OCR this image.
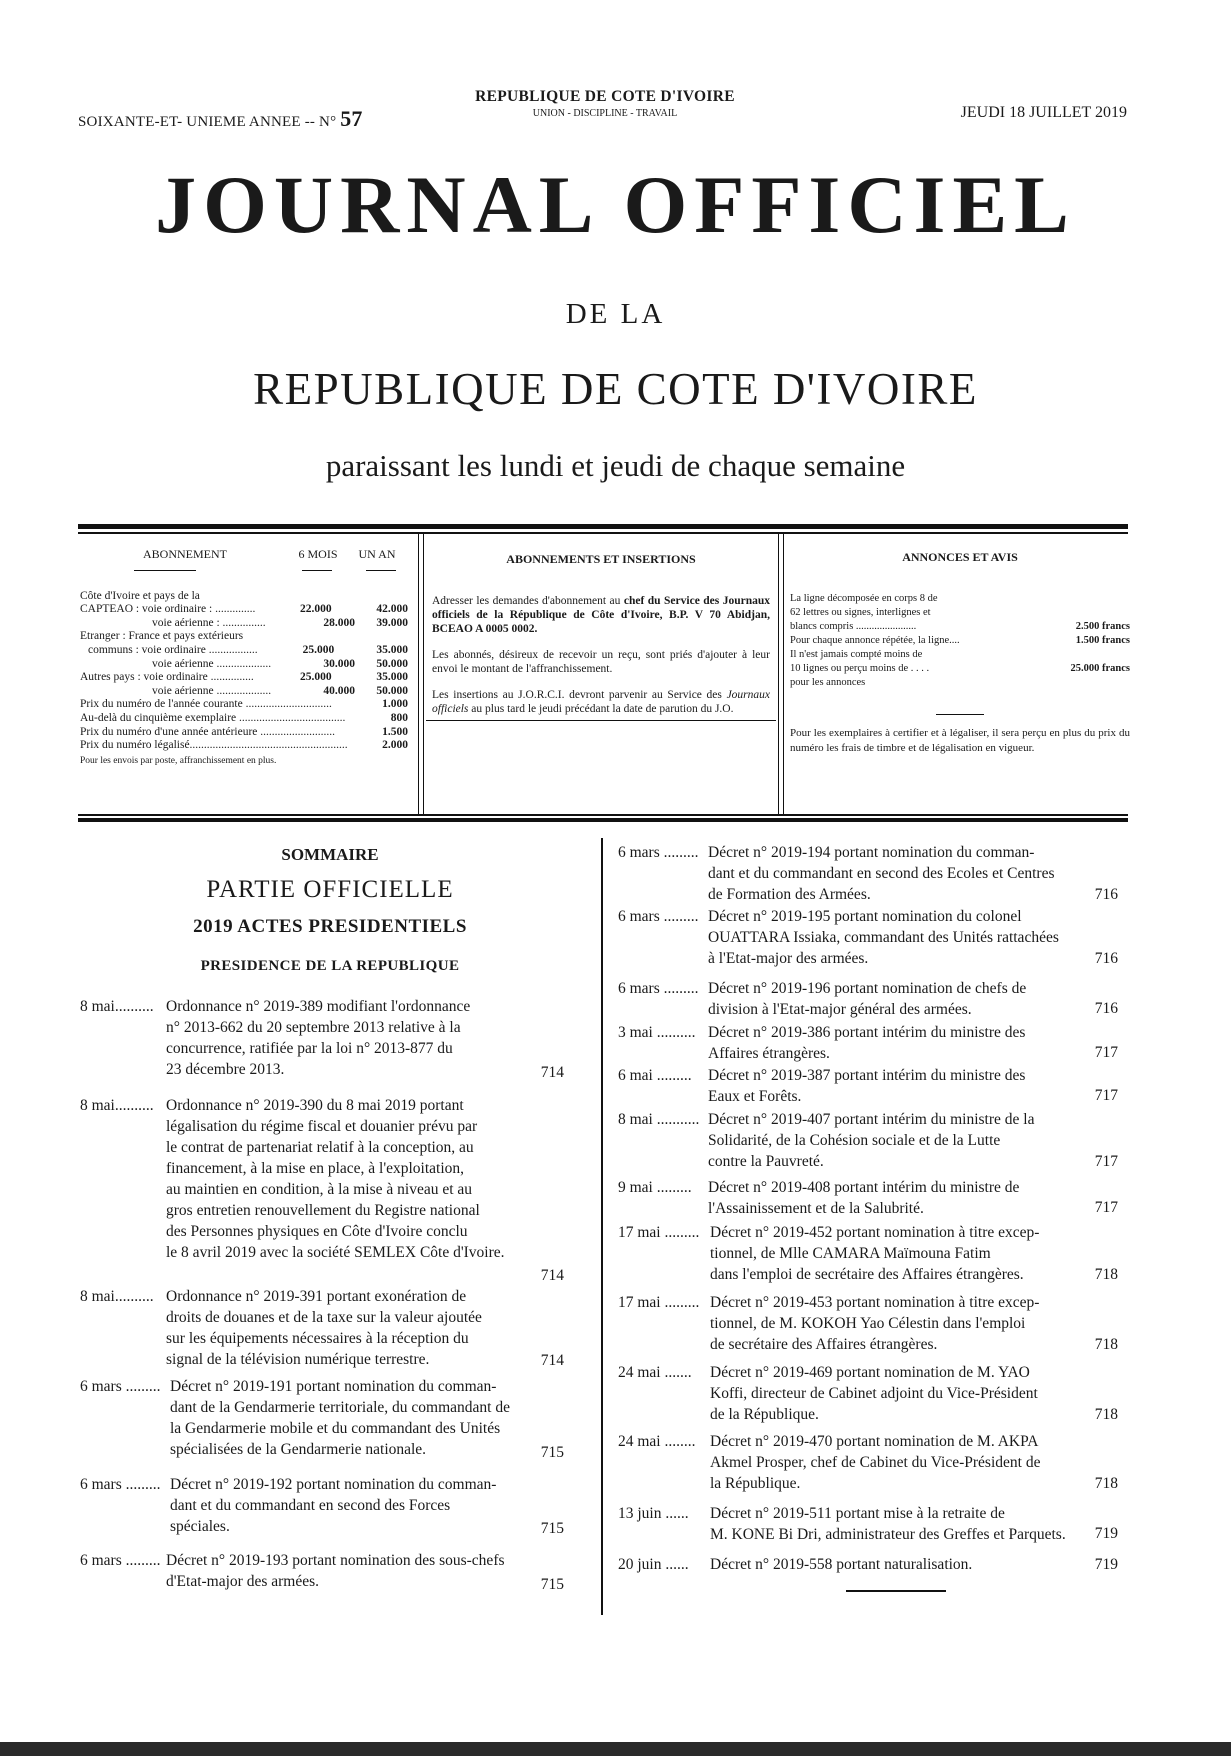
SOIXANTE-ET- UNIEME ANNEE -- N° 57
REPUBLIQUE DE COTE D'IVOIRE
UNION - DISCIPLINE - TRAVAIL	JEUDI 18 JUILLET 2019
JOURNAL OFFICIEL
DE LA
REPUBLIQUE DE COTE D'IVOIRE
paraissant les lundi et jeudi de chaque semaine
ABONNEMENT	6 MOIS	UN AN
Côte d'Ivoire et pays de la
CAPTEAO : voie ordinaire : ..............	22.000	42.000
voie aérienne : ...............	28.000	39.000
Etranger : France et pays extérieurs
communs : voie ordinaire .................	25.000	35.000
voie aérienne ...................	30.000	50.000
Autres pays : voie ordinaire ...............	25.000	35.000
voie aérienne ...................	40.000	50.000
Prix du numéro de l'année courante ..............................	1.000
Au-delà du cinquième exemplaire .....................................	800
Prix du numéro d'une année antérieure ..........................	1.500
Prix du numéro légalisé.......................................................	2.000
Pour les envois par poste, affranchissement en plus.
ABONNEMENTS ET INSERTIONS

Adresser les demandes d'abonnement au chef du Service des Journaux officiels de la République de Côte d'Ivoire, B.P. V 70 Abidjan, BCEAO A 0005 0002.

Les abonnés, désireux de recevoir un reçu, sont priés d'ajouter à leur envoi le montant de l'affranchissement.

Les insertions au J.O.R.C.I. devront parvenir au Service des Journaux officiels au plus tard le jeudi précédant la date de parution du J.O.

ANNONCES ET AVIS
La ligne décomposée en corps 8 de
62 lettres ou signes, interlignes et
blancs compris .......................	2.500 francs
Pour chaque annonce répétée, la ligne....	1.500 francs
Il n'est jamais compté moins de
10 lignes ou perçu moins de . . . .	25.000 francs
pour les annonces
Pour les exemplaires à certifier et à légaliser, il sera perçu en plus du prix du numéro les frais de timbre et de légalisation en vigueur.
SOMMAIRE
PARTIE OFFICIELLE
2019 ACTES PRESIDENTIELS
PRESIDENCE DE LA REPUBLIQUE
8 mai.......... Ordonnance n° 2019-389 modifiant l'ordonnance
n° 2013-662 du 20 septembre 2013 relative à la
concurrence, ratifiée par la loi n° 2013-877 du
23 décembre 2013.	714
8 mai.......... Ordonnance n° 2019-390 du 8 mai 2019 portant
légalisation du régime fiscal et douanier prévu par
le contrat de partenariat relatif à la conception, au
financement, à la mise en place, à l'exploitation,
au maintien en condition, à la mise à niveau et au
gros entretien renouvellement du Registre national
des Personnes physiques en Côte d'Ivoire conclu
le 8 avril 2019 avec la société SEMLEX Côte d'Ivoire.
714
8 mai.......... Ordonnance n° 2019-391 portant exonération de
droits de douanes et de la taxe sur la valeur ajoutée
sur les équipements nécessaires à la réception du
signal de la télévision numérique terrestre.	714
6 mars ......... Décret n° 2019-191 portant nomination du comman-
dant de la Gendarmerie territoriale, du commandant de
la Gendarmerie mobile et du commandant des Unités
spécialisées de la Gendarmerie nationale.	715
6 mars ......... Décret n° 2019-192 portant nomination du comman-
dant et du commandant en second des Forces
spéciales.	715
6 mars ......... Décret n° 2019-193 portant nomination des sous-chefs
d'Etat-major des armées.	715
6 mars ......... Décret n° 2019-194 portant nomination du comman-
dant et du commandant en second des Ecoles et Centres
de Formation des Armées.	716
6 mars ......... Décret n° 2019-195 portant nomination du colonel
OUATTARA Issiaka, commandant des Unités rattachées
à l'Etat-major des armées.	716
6 mars ......... Décret n° 2019-196 portant nomination de chefs de
division à l'Etat-major général des armées.	716
3 mai .......... Décret n° 2019-386 portant intérim du ministre des
Affaires étrangères.	717
6 mai ......... Décret n° 2019-387 portant intérim du ministre des
Eaux et Forêts.	717
8 mai ........... Décret n° 2019-407 portant intérim du ministre de la
Solidarité, de la Cohésion sociale et de la Lutte
contre la Pauvreté.	717
9 mai ......... Décret n° 2019-408 portant intérim du ministre de
l'Assainissement et de la Salubrité.	717
17 mai ......... Décret n° 2019-452 portant nomination à titre excep-
tionnel, de Mlle CAMARA Maïmouna Fatim
dans l'emploi de secrétaire des Affaires étrangères.	718
17 mai ......... Décret n° 2019-453 portant nomination à titre excep-
tionnel, de M. KOKOH Yao Célestin dans l'emploi
de secrétaire des Affaires étrangères.	718
24 mai ....... Décret n° 2019-469 portant nomination de M. YAO
Koffi, directeur de Cabinet adjoint du Vice-Président
de la République.	718
24 mai ........ Décret n° 2019-470 portant nomination de M. AKPA
Akmel Prosper, chef de Cabinet du Vice-Président de
la République.	718
13 juin ...... Décret n° 2019-511 portant mise à la retraite de
M. KONE Bi Dri, administrateur des Greffes et Parquets.	719
20 juin ...... Décret n° 2019-558 portant naturalisation.	719
